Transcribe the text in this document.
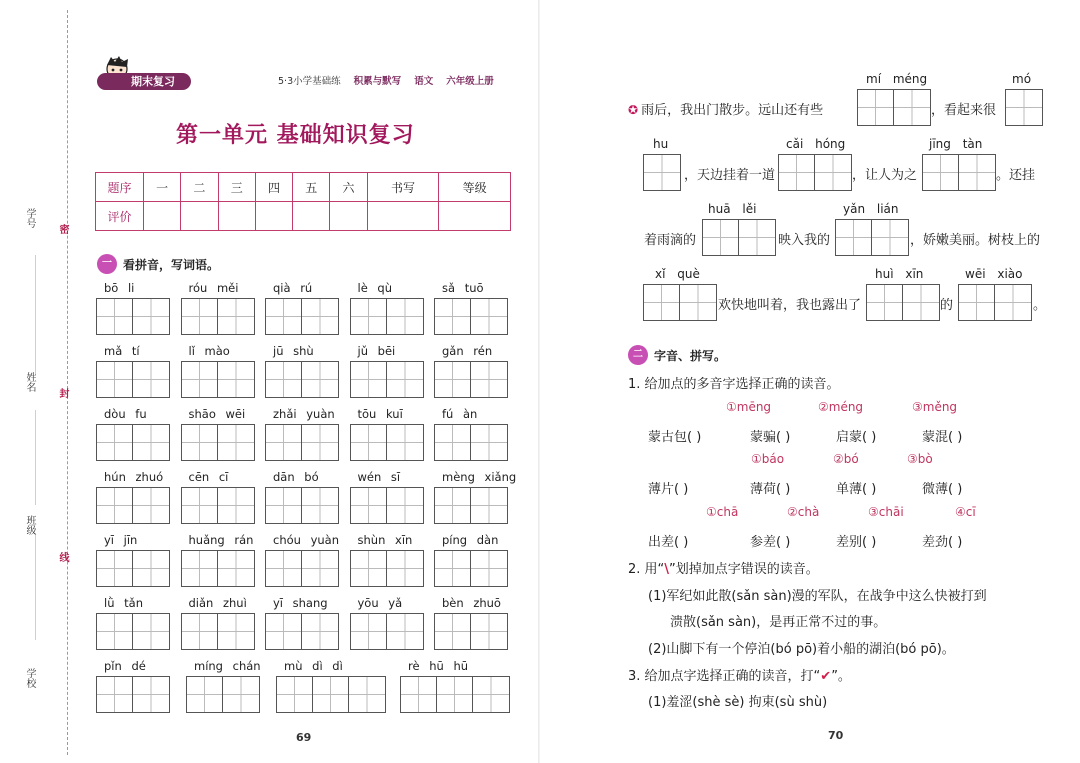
学号
姓名
班级
学校
密
封
线
期末复习	5·3小学基础练 积累与默写 语文 六年级上册
第一单元 基础知识复习
题序	一	二	三	四	五	六	书写	等级
评价								
一 看拼音，写词语。
bō li	róu měi	qià rú	lè qù	sǎ tuō
mǎ tí	lǐ mào	jū shù	jǔ bēi	gǎn rén
dòu fu	shāo wēi	zhǎi yuàn	tōu kuī	fú àn
hún zhuó	cēn cī	dān bó	wén sī	mèng xiǎng
yī jīn	huǎng rán	chóu yuàn	shùn xīn	píng dàn
lǜ tǎn	diǎn zhuì	yī shang	yōu yǎ	bèn zhuō
pǐn dé	míng chán	mù dì dì	rè hū hū
69
mí méng	mó
✪ 雨后，我出门散步。远山还有些	，看起来很
hu	cǎi hóng	jīng tàn
，天边挂着一道	，让人为之	。还挂
huā lěi	yǎn lián
着雨滴的	映入我的	，娇嫩美丽。树枝上的
xǐ què	huì xīn	wēi xiào
欢快地叫着，我也露出了	的	。
二 字音、拼写。
1. 给加点的多音字选择正确的读音。
①mēng	②méng	③měng
蒙古包( )	蒙骗( )	启蒙( )	蒙混( )
①báo	②bó	③bò
薄片( )	薄荷( )	单薄( )	微薄( )
①chā	②chà	③chāi	④cī
出差( )	参差( )	差别( )	差劲( )
2. 用“\”划掉加点字错误的读音。
(1)军纪如此散(sǎn sàn)漫的军队，在战争中这么快被打到
溃散(sǎn sàn)，是再正常不过的事。
(2)山脚下有一个停泊(bó pō)着小船的湖泊(bó pō)。
3. 给加点字选择正确的读音，打“✔”。
(1)羞涩(shè sè) 拘束(sù shù)
70
